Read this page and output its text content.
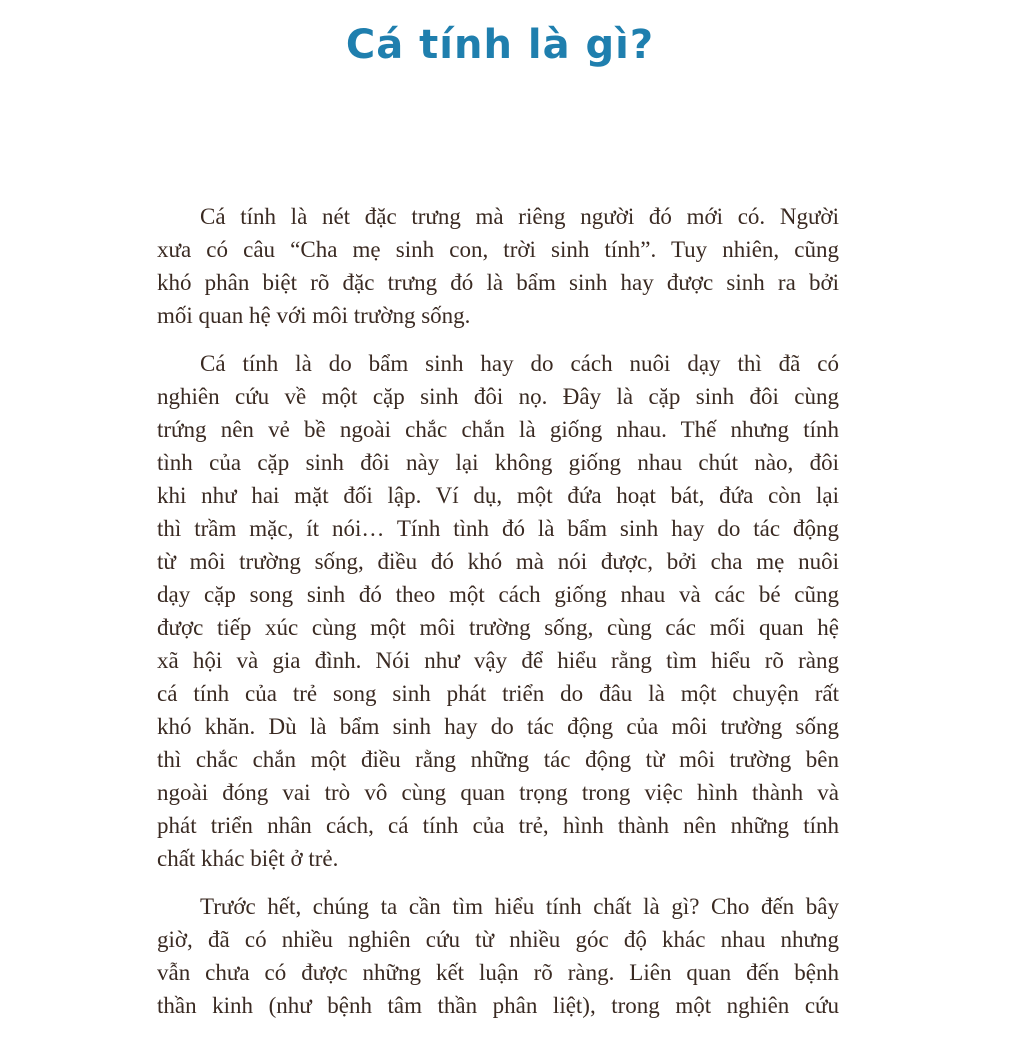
Cá tính là gì?

Cá tính là nét đặc trưng mà riêng người đó mới có. Người
xưa có câu “Cha mẹ sinh con, trời sinh tính”. Tuy nhiên, cũng
khó phân biệt rõ đặc trưng đó là bẩm sinh hay được sinh ra bởi
mối quan hệ với môi trường sống.

Cá tính là do bẩm sinh hay do cách nuôi dạy thì đã có
nghiên cứu về một cặp sinh đôi nọ. Đây là cặp sinh đôi cùng
trứng nên vẻ bề ngoài chắc chắn là giống nhau. Thế nhưng tính
tình của cặp sinh đôi này lại không giống nhau chút nào, đôi
khi như hai mặt đối lập. Ví dụ, một đứa hoạt bát, đứa còn lại
thì trầm mặc, ít nói… Tính tình đó là bẩm sinh hay do tác động
từ môi trường sống, điều đó khó mà nói được, bởi cha mẹ nuôi
dạy cặp song sinh đó theo một cách giống nhau và các bé cũng
được tiếp xúc cùng một môi trường sống, cùng các mối quan hệ
xã hội và gia đình. Nói như vậy để hiểu rằng tìm hiểu rõ ràng
cá tính của trẻ song sinh phát triển do đâu là một chuyện rất
khó khăn. Dù là bẩm sinh hay do tác động của môi trường sống
thì chắc chắn một điều rằng những tác động từ môi trường bên
ngoài đóng vai trò vô cùng quan trọng trong việc hình thành và
phát triển nhân cách, cá tính của trẻ, hình thành nên những tính
chất khác biệt ở trẻ.

Trước hết, chúng ta cần tìm hiểu tính chất là gì? Cho đến bây
giờ, đã có nhiều nghiên cứu từ nhiều góc độ khác nhau nhưng
vẫn chưa có được những kết luận rõ ràng. Liên quan đến bệnh
thần kinh (như bệnh tâm thần phân liệt), trong một nghiên cứu
